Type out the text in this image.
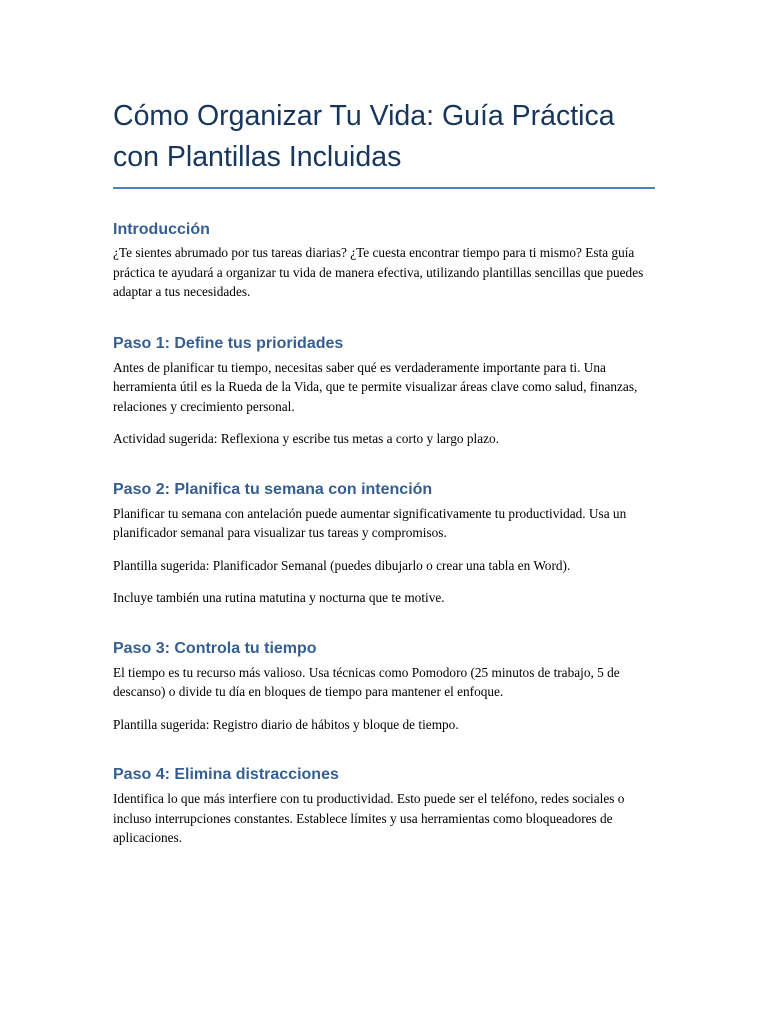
Cómo Organizar Tu Vida: Guía Práctica con Plantillas Incluidas
Introducción

¿Te sientes abrumado por tus tareas diarias? ¿Te cuesta encontrar tiempo para ti mismo? Esta guía práctica te ayudará a organizar tu vida de manera efectiva, utilizando plantillas sencillas que puedes adaptar a tus necesidades.

Paso 1: Define tus prioridades

Antes de planificar tu tiempo, necesitas saber qué es verdaderamente importante para ti. Una herramienta útil es la Rueda de la Vida, que te permite visualizar áreas clave como salud, finanzas, relaciones y crecimiento personal.

Actividad sugerida: Reflexiona y escribe tus metas a corto y largo plazo.

Paso 2: Planifica tu semana con intención

Planificar tu semana con antelación puede aumentar significativamente tu productividad. Usa un planificador semanal para visualizar tus tareas y compromisos.

Plantilla sugerida: Planificador Semanal (puedes dibujarlo o crear una tabla en Word).

Incluye también una rutina matutina y nocturna que te motive.

Paso 3: Controla tu tiempo

El tiempo es tu recurso más valioso. Usa técnicas como Pomodoro (25 minutos de trabajo, 5 de descanso) o divide tu día en bloques de tiempo para mantener el enfoque.

Plantilla sugerida: Registro diario de hábitos y bloque de tiempo.

Paso 4: Elimina distracciones

Identifica lo que más interfiere con tu productividad. Esto puede ser el teléfono, redes sociales o incluso interrupciones constantes. Establece límites y usa herramientas como bloqueadores de aplicaciones.
